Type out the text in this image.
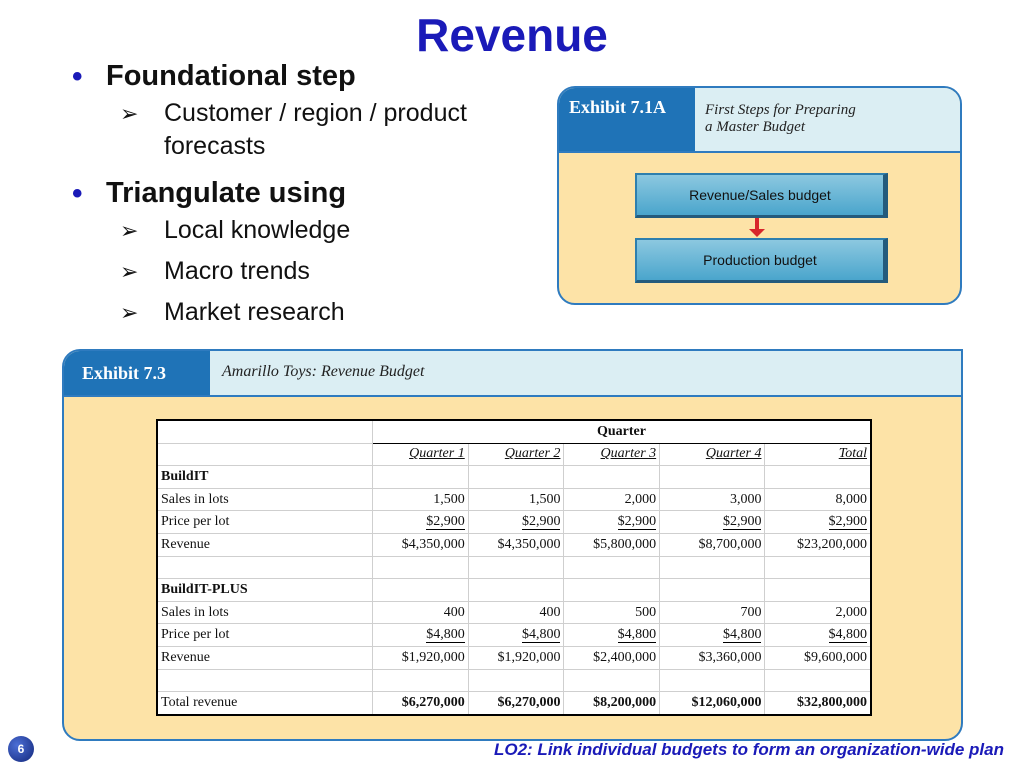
Revenue
• Foundational step
➢ Customer / region / product forecasts
• Triangulate using
➢ Local knowledge
➢ Macro trends
➢ Market research
Exhibit 7.1A	First Steps for Preparing
a Master Budget
Revenue/Sales budget
Production budget
Exhibit 7.3	Amarillo Toys: Revenue Budget
	Quarter				
	Quarter 1	Quarter 2	Quarter 3	Quarter 4	Total
BuildIT					
Sales in lots	1,500	1,500	2,000	3,000	8,000
Price per lot	$2,900	$2,900	$2,900	$2,900	$2,900
Revenue	$4,350,000	$4,350,000	$5,800,000	$8,700,000	$23,200,000

BuildIT-PLUS					
Sales in lots	400	400	500	700	2,000
Price per lot	$4,800	$4,800	$4,800	$4,800	$4,800
Revenue	$1,920,000	$1,920,000	$2,400,000	$3,360,000	$9,600,000

Total revenue	$6,270,000	$6,270,000	$8,200,000	$12,060,000	$32,800,000
6	LO2: Link individual budgets to form an organization-wide plan
